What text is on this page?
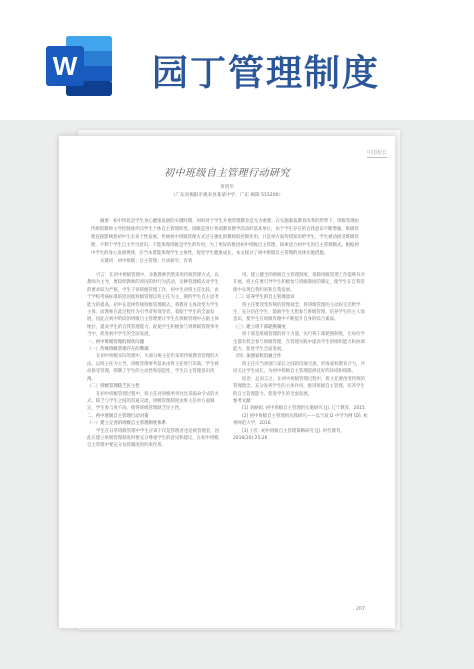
W 园丁管理制度
中国校长
初中班级自主管理行动研究
黄明华
（广东省揭阳市惠来县某某中学，广东 揭阳 515200）

摘要：初中阶段是学生身心健康发展的关键时期，同时对于学生开展管理教育是尤为重要。在实施素质教育改革的形势下，班级管理由传统的教师主导控制逐步向学生个体自主管理转变。班级是进行各项教育教学活动的基本单位，由于学生存在的自我意识不断增强，班级管理直接影响着初中生未来个性发展。传统初中班级管理方式过分强化的教师的控制作用，只是单方面传授知识给学生，学生被动接受班级管理，不利于学生自主学习意识，不能体现班级是学生的作用，为了更好的推进初中班级自主管理，探索适合初中生的自主管理模式，根据初中学生的身心发展规律，应当本着能体现学生主体性，促进学生健康成长，本文探讨了初中班级自主管理的具体实施措施。

关键词：初中班级；自主管理；行动研究；有效

引言：在初中班级管理中，多数教师仍然采用传统管理方式，以教师为主导，要较明教师的原因的时行为活动，这种管理模式对学生的要求较为严格，学生干预班级管理工作，初中生对班主任比较，由于学校考核标准的原因使班级管理以班主任为主，制约学生自主思考能力的提高，初中在选择传统班级管理模式，将教育主体改变为学生主体，而教师在此过程作为引导者和领导者，着眼于学生的全面发展，因此在初中阶段的班级自主管理要让学生在班级管理中占据主体地位，提高学生的自我管理能力，促使学生积极参与到班级管理事务当中，促进初中学生的全面发展。

一、初中班级管理的现状问题

（一）传统班级管理存在的弊端

在初中班级实际管理中，大部分班主任仍采用传统教育管理的方法，以班主任为主导，班级管理事务基本由班主任进行决策，学生被动接受管理，抑制了学生的主动性和创造性，学生自主管理意识淡薄。

（二）班级管理缺乏民主性

在初中班级管理过程中，班主任对班级事务往往采取命令式的方式，缺乏与学生之间的沟通交流，班级管理制度由班主任单方面制定，学生参与度不高，使得班级管理缺乏民主性。

二、初中班级自主管理行动对策

（一）建立完善的班级自主管理制度体系

学生在日常班级管理中学生应该不仅是管理者也是被管理者，因此在建立班级管理制度时要充分尊重学生的意见和建议，在初中班级自主管理中要充分发挥制度的约束作用。

用。建立健全的班级自主管理制度，保障班级管理工作能够有序开展。班主任要引导学生积极参与班级制度的制定，使学生在自我管理中实现自我约束和自我发展。

（二）培养学生的自主管理意识

班主任要改变传统的管理观念，将班级管理的主动权交还给学生，充分信任学生，鼓励学生大胆参与班级管理，培养学生的主人翁意识，使学生在班级管理中不断提升自身的综合素质。

（三）建立班干部轮换制度

班干部是班级管理的骨干力量，实行班干部轮换制度，让每位学生都有机会参与班级管理，在管理实践中提高学生的组织能力和协调能力，促进学生全面发展。

（四）加强家校沟通合作

班主任应当加强与家长之间的沟通交流，形成家校教育合力，共同关注学生成长，为初中班级自主管理提供良好的环境和保障。

结语：总而言之，在初中班级管理过程中，班主任要改变传统的管理理念，充分发挥学生的主体作用，推进班级自主管理，培养学生的自主管理能力，促进学生的全面发展。

参考文献：

[1] 刘丽娟. 初中班级自主管理的实施研究 [J]. 辽宁教育，2015.

[2] 初中班级自主管理的实践研究——以宁波 D 中学为例 [D]. 杭州师范大学，2016.

[3] 王红. 初中班级自主管理策略研究 [J]. 时代教育，2016(20):25-26.

207
